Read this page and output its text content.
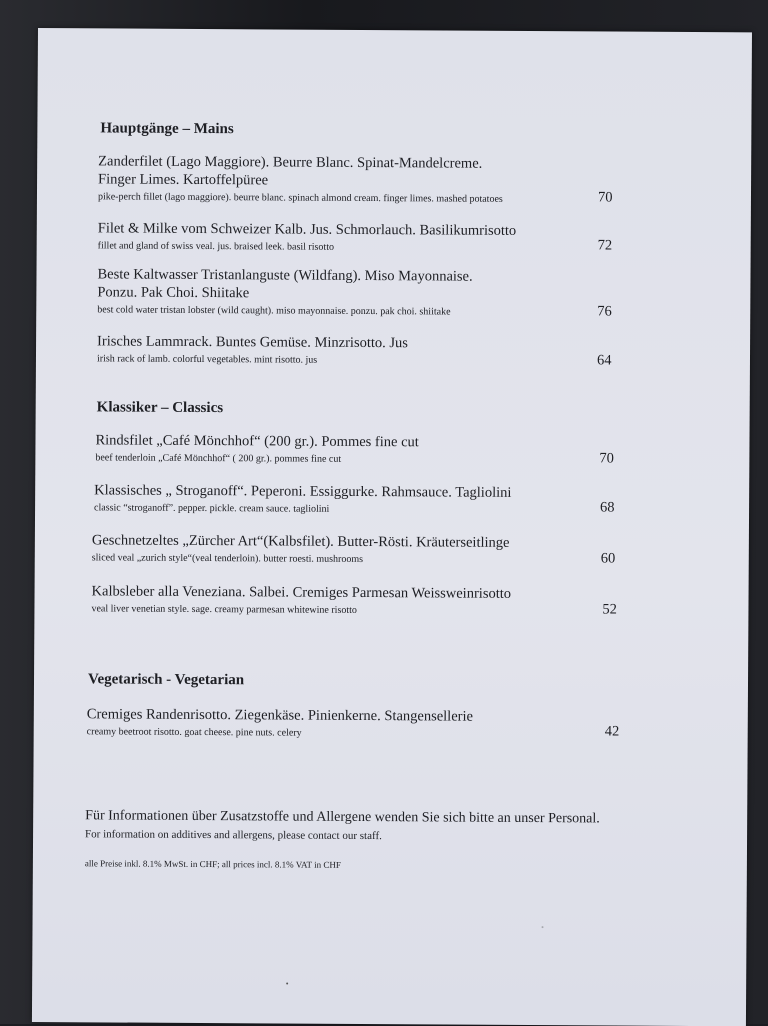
Hauptgänge – Mains
Zanderfilet (Lago Maggiore). Beurre Blanc. Spinat-Mandelcreme.
Finger Limes. Kartoffelpüree
pike-perch fillet (lago maggiore). beurre blanc. spinach almond cream. finger limes. mashed potatoes	70
Filet & Milke vom Schweizer Kalb. Jus. Schmorlauch. Basilikumrisotto
fillet and gland of swiss veal. jus. braised leek. basil risotto	72
Beste Kaltwasser Tristanlanguste (Wildfang). Miso Mayonnaise.
Ponzu. Pak Choi. Shiitake
best cold water tristan lobster (wild caught). miso mayonnaise. ponzu. pak choi. shiitake	76
Irisches Lammrack. Buntes Gemüse. Minzrisotto. Jus
irish rack of lamb. colorful vegetables. mint risotto. jus	64
Klassiker – Classics
Rindsfilet „Café Mönchhof“ (200 gr.). Pommes fine cut
beef tenderloin „Café Mönchhof“ ( 200 gr.). pommes fine cut	70
Klassisches „ Stroganoff“. Peperoni. Essiggurke. Rahmsauce. Tagliolini
classic “stroganoff”. pepper. pickle. cream sauce. tagliolini	68
Geschnetzeltes „Zürcher Art“(Kalbsfilet). Butter-Rösti. Kräuterseitlinge
sliced veal „zurich style“(veal tenderloin). butter roesti. mushrooms	60
Kalbsleber alla Veneziana. Salbei. Cremiges Parmesan Weissweinrisotto
veal liver venetian style. sage. creamy parmesan whitewine risotto	52
Vegetarisch - Vegetarian
Cremiges Randenrisotto. Ziegenkäse. Pinienkerne. Stangensellerie
creamy beetroot risotto. goat cheese. pine nuts. celery	42
Für Informationen über Zusatzstoffe und Allergene wenden Sie sich bitte an unser Personal.
For information on additives and allergens, please contact our staff.
alle Preise inkl. 8.1% MwSt. in CHF; all prices incl. 8.1% VAT in CHF
